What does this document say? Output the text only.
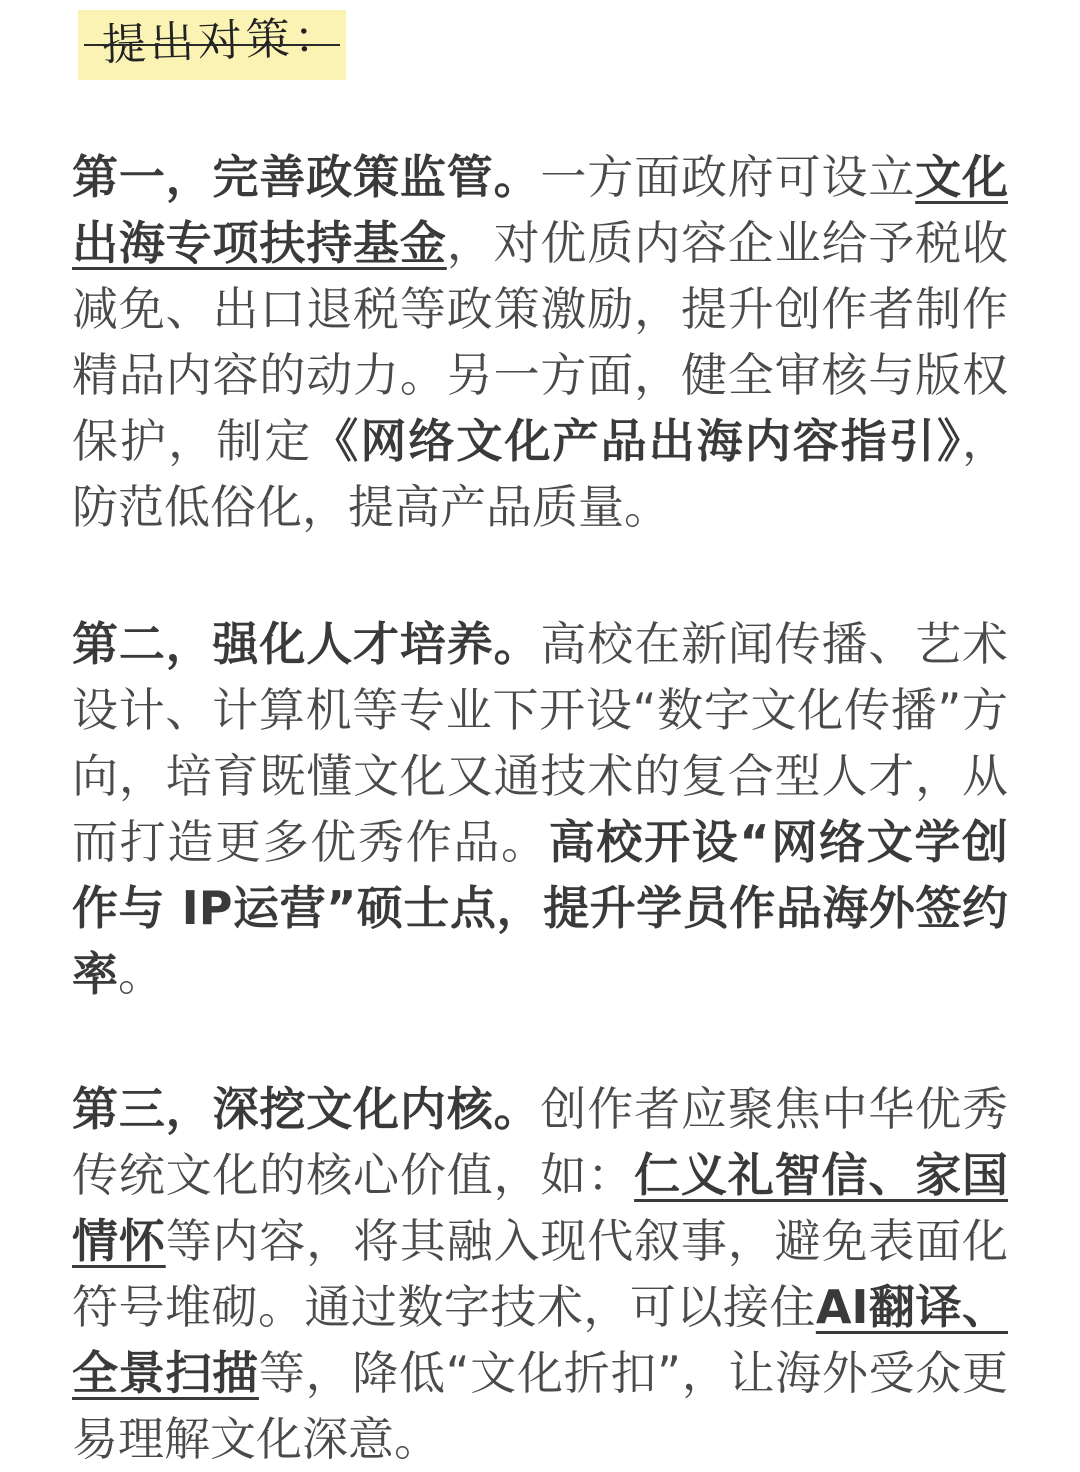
提出对策：

第一，完善政策监管。一方面政府可设立文化出海专项扶持基金，对优质内容企业给予税收减免、出口退税等政策激励，提升创作者制作精品内容的动力。另一方面，健全审核与版权保护，制定《网络文化产品出海内容指引》，防范低俗化，提高产品质量。

第二，强化人才培养。高校在新闻传播、艺术设计、计算机等专业下开设“数字文化传播”方向，培育既懂文化又通技术的复合型人才，从而打造更多优秀作品。高校开设“网络文学创作与 IP运营”硕士点，提升学员作品海外签约率。

第三，深挖文化内核。创作者应聚焦中华优秀传统文化的核心价值，如：仁义礼智信、家国情怀等内容，将其融入现代叙事，避免表面化符号堆砌。通过数字技术，可以接住AI翻译、全景扫描等，降低“文化折扣”，让海外受众更易理解文化深意。
